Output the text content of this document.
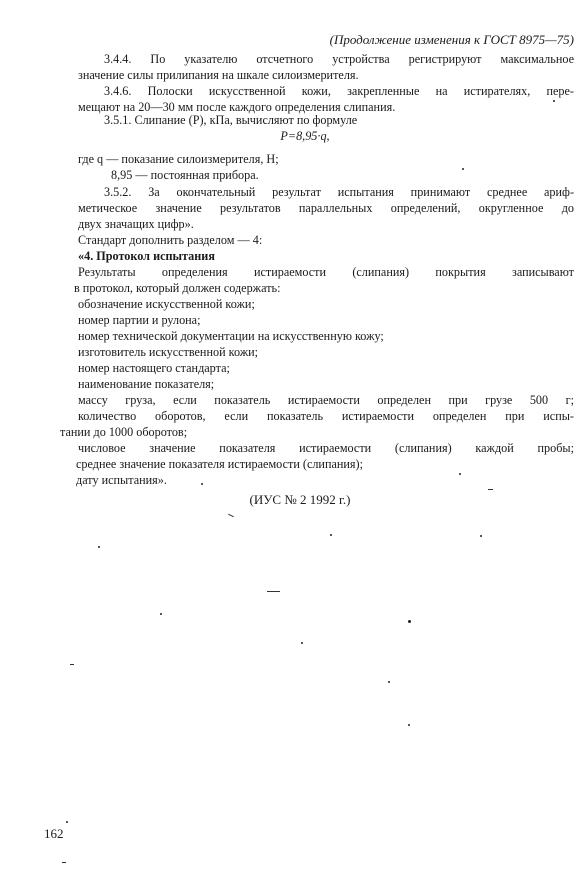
(Продолжение изменения к ГОСТ 8975—75)
3.4.4. По указателю отсчетного устройства регистрируют максимальное
значение силы прилипания на шкале силоизмерителя.
3.4.6. Полоски искусственной кожи, закрепленные на истирателях, пере-
мещают на 20—30 мм после каждого определения слипания.
3.5.1. Слипание (P), кПа, вычисляют по формуле
P=8,95·q,
где q — показание силоизмерителя, Н;
8,95 — постоянная прибора.
3.5.2. За окончательный результат испытания принимают среднее ариф-
метическое значение результатов параллельных определений, округленное до
двух значащих цифр».
Стандарт дополнить разделом — 4:
«4. Протокол испытания
Результаты определения истираемости (слипания) покрытия записывают
в протокол, который должен содержать:
обозначение искусственной кожи;
номер партии и рулона;
номер технической документации на искусственную кожу;
изготовитель искусственной кожи;
номер настоящего стандарта;
наименование показателя;
массу груза, если показатель истираемости определен при грузе 500 г;
количество оборотов, если показатель истираемости определен при испы-
тании до 1000 оборотов;
числовое значение показателя истираемости (слипания) каждой пробы;
среднее значение показателя истираемости (слипания);
дату испытания».
(ИУС № 2 1992 г.)
162
